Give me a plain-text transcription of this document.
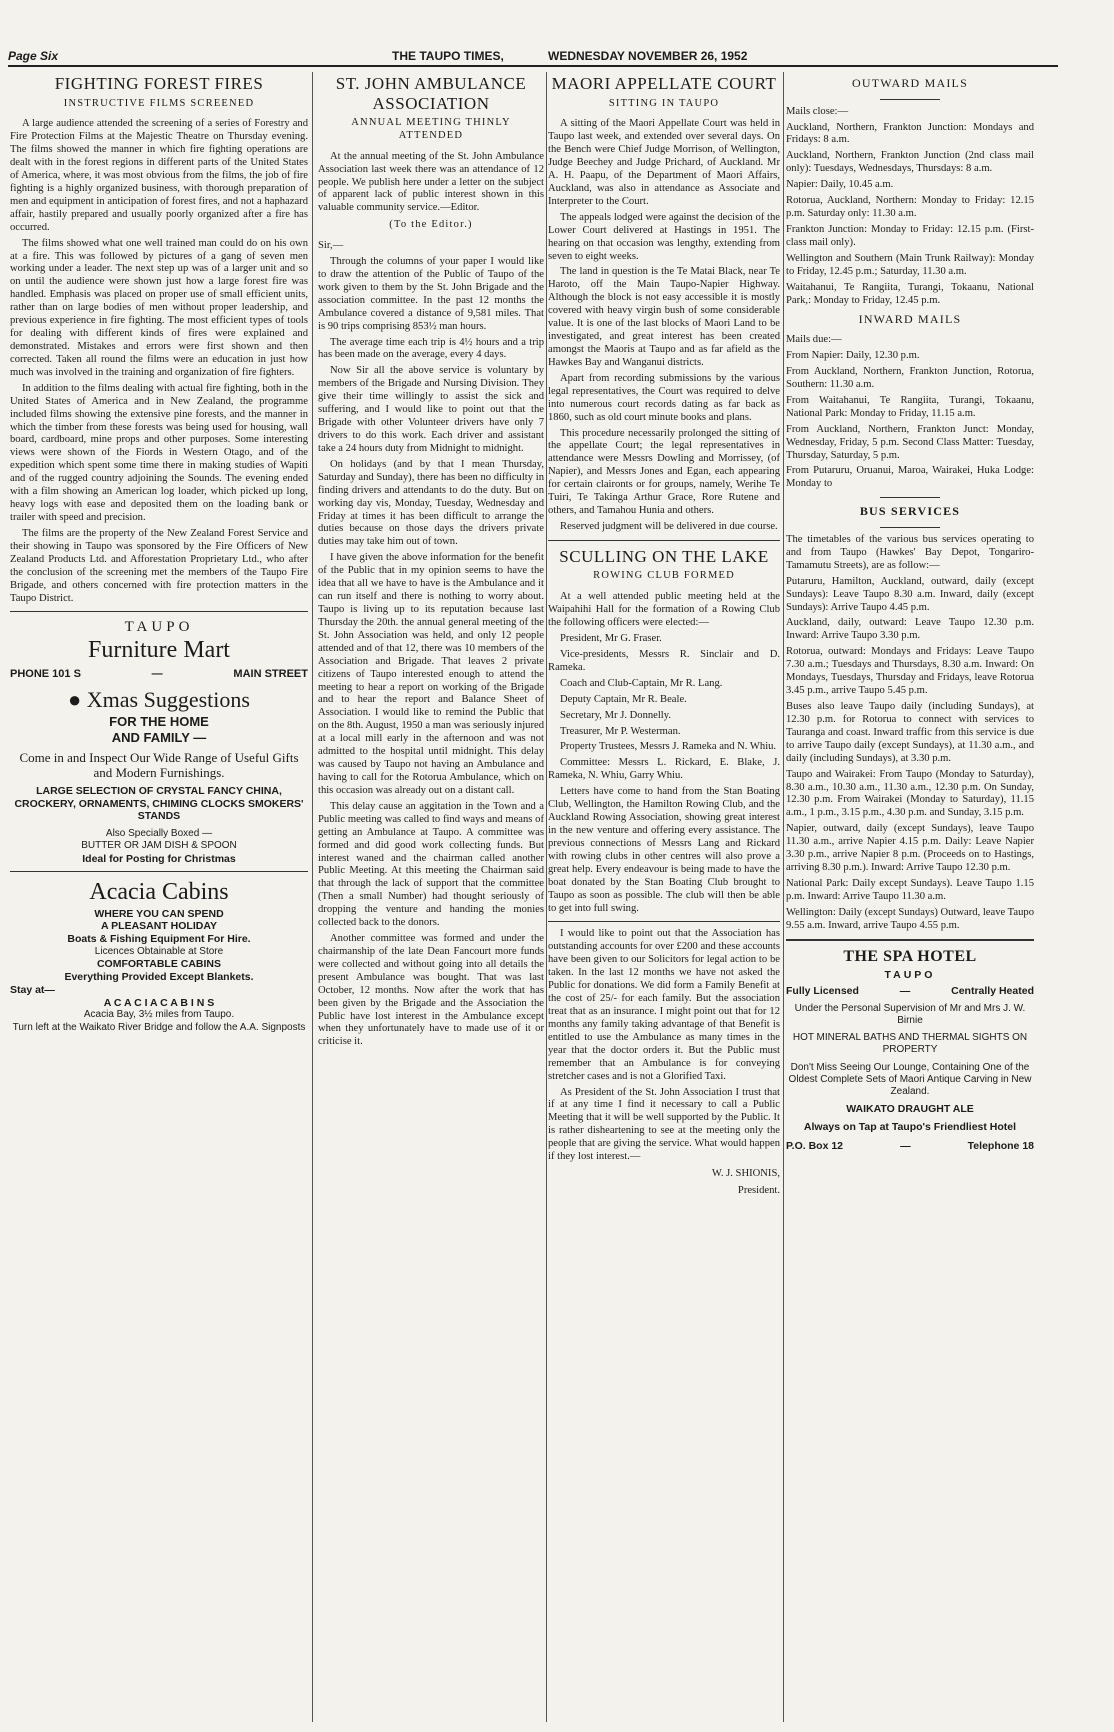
Page Six	THE TAUPO TIMES,	WEDNESDAY NOVEMBER 26, 1952
FIGHTING FOREST FIRES
INSTRUCTIVE FILMS SCREENED

A large audience attended the screening of a series of Forestry and Fire Protection Films at the Majestic Theatre on Thursday evening. The films showed the manner in which fire fighting operations are dealt with in the forest regions in different parts of the United States of America, where, it was most obvious from the films, the job of fire fighting is a highly organized business, with thorough preparation of men and equipment in anticipation of forest fires, and not a haphazard affair, hastily prepared and usually poorly organized after a fire has occurred.

The films showed what one well trained man could do on his own at a fire. This was followed by pictures of a gang of seven men working under a leader. The next step up was of a larger unit and so on until the audience were shown just how a large forest fire was handled. Emphasis was placed on proper use of small efficient units, rather than on large bodies of men without proper leadership, and previous experience in fire fighting. The most efficient types of tools for dealing with different kinds of fires were explained and demonstrated. Mistakes and errors were first shown and then corrected. Taken all round the films were an education in just how much was involved in the training and organization of fire fighters.

In addition to the films dealing with actual fire fighting, both in the United States of America and in New Zealand, the programme included films showing the extensive pine forests, and the manner in which the timber from these forests was being used for housing, wall board, cardboard, mine props and other purposes. Some interesting views were shown of the Fiords in Western Otago, and of the expedition which spent some time there in making studies of Wapiti and of the rugged country adjoining the Sounds. The evening ended with a film showing an American log loader, which picked up long, heavy logs with ease and deposited them on the loading bank or trailer with speed and precision.

The films are the property of the New Zealand Forest Service and their showing in Taupo was sponsored by the Fire Officers of New Zealand Products Ltd. and Afforestation Proprietary Ltd., who after the conclusion of the screening met the members of the Taupo Fire Brigade, and others concerned with fire protection matters in the Taupo District.

TAUPO
Furniture Mart
PHONE 101 S	—	MAIN STREET
● Xmas Suggestions
FOR THE HOME
AND FAMILY —
Come in and Inspect Our Wide Range of Useful Gifts and Modern Furnishings.
LARGE SELECTION OF CRYSTAL FANCY CHINA, CROCKERY, ORNAMENTS, CHIMING CLOCKS SMOKERS' STANDS
Also Specially Boxed —
BUTTER OR JAM DISH & SPOON
Ideal for Posting for Christmas
Acacia Cabins
WHERE YOU CAN SPEND
A PLEASANT HOLIDAY
Boats & Fishing Equipment For Hire.
Licences Obtainable at Store
COMFORTABLE CABINS
Everything Provided Except Blankets.
Stay at—
A C A C I A C A B I N S
Acacia Bay, 3½ miles from Taupo.
Turn left at the Waikato River Bridge and follow the A.A. Signposts
ST. JOHN AMBULANCE ASSOCIATION
ANNUAL MEETING THINLY ATTENDED

At the annual meeting of the St. John Ambulance Association last week there was an attendance of 12 people. We publish here under a letter on the subject of apparent lack of public interest shown in this valuable community service.—Editor.

(To the Editor.)

Sir,—

Through the columns of your paper I would like to draw the attention of the Public of Taupo of the work given to them by the St. John Brigade and the association committee. In the past 12 months the Ambulance covered a distance of 9,581 miles. That is 90 trips comprising 853½ man hours.

The average time each trip is 4½ hours and a trip has been made on the average, every 4 days.

Now Sir all the above service is voluntary by members of the Brigade and Nursing Division. They give their time willingly to assist the sick and suffering, and I would like to point out that the Brigade with other Volunteer drivers have only 7 drivers to do this work. Each driver and assistant take a 24 hours duty from Midnight to midnight.

On holidays (and by that I mean Thursday, Saturday and Sunday), there has been no difficulty in finding drivers and attendants to do the duty. But on working day vis, Monday, Tuesday, Wednesday and Friday at times it has been difficult to arrange the duties because on those days the drivers private duties may take him out of town.

I have given the above information for the benefit of the Public that in my opinion seems to have the idea that all we have to have is the Ambulance and it can run itself and there is nothing to worry about. Taupo is living up to its reputation because last Thursday the 20th. the annual general meeting of the St. John Association was held, and only 12 people attended and of that 12, there was 10 members of the Association and Brigade. That leaves 2 private citizens of Taupo interested enough to attend the meeting to hear a report on working of the Brigade and to hear the report and Balance Sheet of Association. I would like to remind the Public that on the 8th. August, 1950 a man was seriously injured at a local mill early in the afternoon and was not admitted to the hospital until midnight. This delay was caused by Taupo not having an Ambulance and having to call for the Rotorua Ambulance, which on this occasion was already out on a distant call.

This delay cause an aggitation in the Town and a Public meeting was called to find ways and means of getting an Ambulance at Taupo. A committee was formed and did good work collecting funds. But interest waned and the chairman called another Public Meeting. At this meeting the Chairman said that through the lack of support that the committee (Then a small Number) had thought seriously of dropping the venture and handing the monies collected back to the donors.

Another committee was formed and under the chairmanship of the late Dean Fancourt more funds were collected and without going into all details the present Ambulance was bought. That was last October, 12 months. Now after the work that has been given by the Brigade and the Association the Public have lost interest in the Ambulance except when they unfortunately have to made use of it or criticise it.

MAORI APPELLATE COURT
SITTING IN TAUPO

A sitting of the Maori Appellate Court was held in Taupo last week, and extended over several days. On the Bench were Chief Judge Morrison, of Wellington, Judge Beechey and Judge Prichard, of Auckland. Mr A. H. Paapu, of the Department of Maori Affairs, Auckland, was also in attendance as Associate and Interpreter to the Court.

The appeals lodged were against the decision of the Lower Court delivered at Hastings in 1951. The hearing on that occasion was lengthy, extending from seven to eight weeks.

The land in question is the Te Matai Black, near Te Haroto, off the Main Taupo-Napier Highway. Although the block is not easy accessible it is mostly covered with heavy virgin bush of some considerable value. It is one of the last blocks of Maori Land to be investigated, and great interest has been created amongst the Maoris at Taupo and as far afield as the Hawkes Bay and Wanganui districts.

Apart from recording submissions by the various legal representatives, the Court was required to delve into numerous court records dating as far back as 1860, such as old court minute books and plans.

This procedure necessarily prolonged the sitting of the appellate Court; the legal representatives in attendance were Messrs Dowling and Morrissey, (of Napier), and Messrs Jones and Egan, each appearing for certain claironts or for groups, namely, Werihe Te Tuiri, Te Takinga Arthur Grace, Rore Rutene and others, and Tamahou Hunia and others.

Reserved judgment will be delivered in due course.

SCULLING ON THE LAKE
ROWING CLUB FORMED

At a well attended public meeting held at the Waipahihi Hall for the formation of a Rowing Club the following officers were elected:—

President, Mr G. Fraser.

Vice-presidents, Messrs R. Sinclair and D. Rameka.

Coach and Club-Captain, Mr R. Lang.

Deputy Captain, Mr R. Beale.

Secretary, Mr J. Donnelly.

Treasurer, Mr P. Westerman.

Property Trustees, Messrs J. Rameka and N. Whiu.

Committee: Messrs L. Rickard, E. Blake, J. Rameka, N. Whiu, Garry Whiu.

Letters have come to hand from the Stan Boating Club, Wellington, the Hamilton Rowing Club, and the Auckland Rowing Association, showing great interest in the new venture and offering every assistance. The previous connections of Messrs Lang and Rickard with rowing clubs in other centres will also prove a great help. Every endeavour is being made to have the boat donated by the Stan Boating Club brought to Taupo as soon as possible. The club will then be able to get into full swing.

I would like to point out that the Association has outstanding accounts for over £200 and these accounts have been given to our Solicitors for legal action to be taken. In the last 12 months we have not asked the Public for donations. We did form a Family Benefit at the cost of 25/- for each family. But the association treat that as an insurance. I might point out that for 12 months any family taking advantage of that Benefit is entitled to use the Ambulance as many times in the year that the doctor orders it. But the Public must remember that an Ambulance is for conveying stretcher cases and is not a Glorified Taxi.

As President of the St. John Association I trust that if at any time I find it necessary to call a Public Meeting that it will be well supported by the Public. It is rather disheartening to see at the meeting only the people that are giving the service. What would happen if they lost interest.—

W. J. SHIONIS,
President.
OUTWARD MAILS

Mails close:—

Auckland, Northern, Frankton Junction: Mondays and Fridays: 8 a.m.

Auckland, Northern, Frankton Junction (2nd class mail only): Tuesdays, Wednesdays, Thursdays: 8 a.m.

Napier: Daily, 10.45 a.m.

Rotorua, Auckland, Northern: Monday to Friday: 12.15 p.m. Saturday only: 11.30 a.m.

Frankton Junction: Monday to Friday: 12.15 p.m. (First-class mail only).

Wellington and Southern (Main Trunk Railway): Monday to Friday, 12.45 p.m.; Saturday, 11.30 a.m.

Waitahanui, Te Rangiita, Turangi, Tokaanu, National Park,: Monday to Friday, 12.45 p.m.

INWARD MAILS

Mails due:—

From Napier: Daily, 12.30 p.m.

From Auckland, Northern, Frankton Junction, Rotorua, Southern: 11.30 a.m.

From Waitahanui, Te Rangiita, Turangi, Tokaanu, National Park: Monday to Friday, 11.15 a.m.

From Auckland, Northern, Frankton Junct: Monday, Wednesday, Friday, 5 p.m. Second Class Matter: Tuesday, Thursday, Saturday, 5 p.m.

From Putaruru, Oruanui, Maroa, Wairakei, Huka Lodge: Monday to

BUS SERVICES

The timetables of the various bus services operating to and from Taupo (Hawkes' Bay Depot, Tongariro-Tamamutu Streets), are as follow:—

Putaruru, Hamilton, Auckland, outward, daily (except Sundays): Leave Taupo 8.30 a.m. Inward, daily (except Sundays): Arrive Taupo 4.45 p.m.

Auckland, daily, outward: Leave Taupo 12.30 p.m. Inward: Arrive Taupo 3.30 p.m.

Rotorua, outward: Mondays and Fridays: Leave Taupo 7.30 a.m.; Tuesdays and Thursdays, 8.30 a.m. Inward: On Mondays, Tuesdays, Thursday and Fridays, leave Rotorua 3.45 p.m., arrive Taupo 5.45 p.m.

Buses also leave Taupo daily (including Sundays), at 12.30 p.m. for Rotorua to connect with services to Tauranga and coast. Inward traffic from this service is due to arrive Taupo daily (except Sundays), at 11.30 a.m., and daily (including Sundays), at 3.30 p.m.

Taupo and Wairakei: From Taupo (Monday to Saturday), 8.30 a.m., 10.30 a.m., 11.30 a.m., 12.30 p.m. On Sunday, 12.30 p.m. From Wairakei (Monday to Saturday), 11.15 a.m., 1 p.m., 3.15 p.m., 4.30 p.m. and Sunday, 3.15 p.m.

Napier, outward, daily (except Sundays), leave Taupo 11.30 a.m., arrive Napier 4.15 p.m. Daily: Leave Napier 3.30 p.m., arrive Napier 8 p.m. (Proceeds on to Hastings, arriving 8.30 p.m.). Inward: Arrive Taupo 12.30 p.m.

National Park: Daily except Sundays). Leave Taupo 1.15 p.m. Inward: Arrive Taupo 11.30 a.m.

Wellington: Daily (except Sundays) Outward, leave Taupo 9.55 a.m. Inward, arrive Taupo 4.55 p.m.

THE SPA HOTEL
TAUPO
Fully Licensed	—	Centrally Heated
Under the Personal Supervision of Mr and Mrs J. W. Birnie
HOT MINERAL BATHS AND THERMAL SIGHTS ON PROPERTY
Don't Miss Seeing Our Lounge, Containing One of the Oldest Complete Sets of Maori Antique Carving in New Zealand.
WAIKATO DRAUGHT ALE
Always on Tap at Taupo's Friendliest Hotel
P.O. Box 12	—	Telephone 18
